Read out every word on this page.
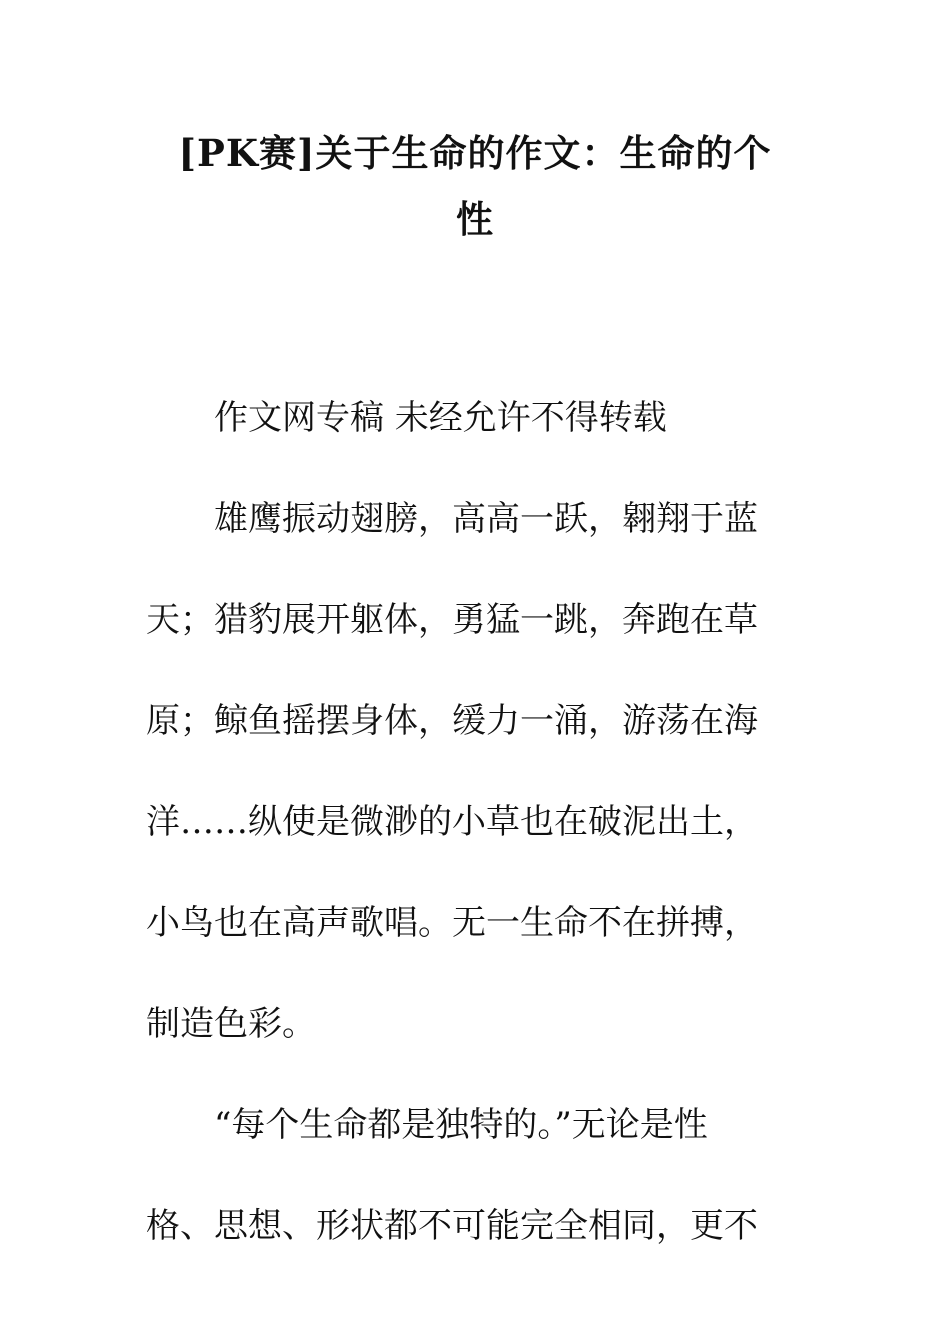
[PK赛]关于生命的作文：生命的个
性
作文网专稿 未经允许不得转载
雄鹰振动翅膀，高高一跃，翱翔于蓝
天；猎豹展开躯体，勇猛一跳，奔跑在草
原；鲸鱼摇摆身体，缓力一涌，游荡在海
洋……纵使是微渺的小草也在破泥出土，
小鸟也在高声歌唱。无一生命不在拼搏，
制造色彩。
“每个生命都是独特的。”无论是性
格、思想、形状都不可能完全相同，更不
